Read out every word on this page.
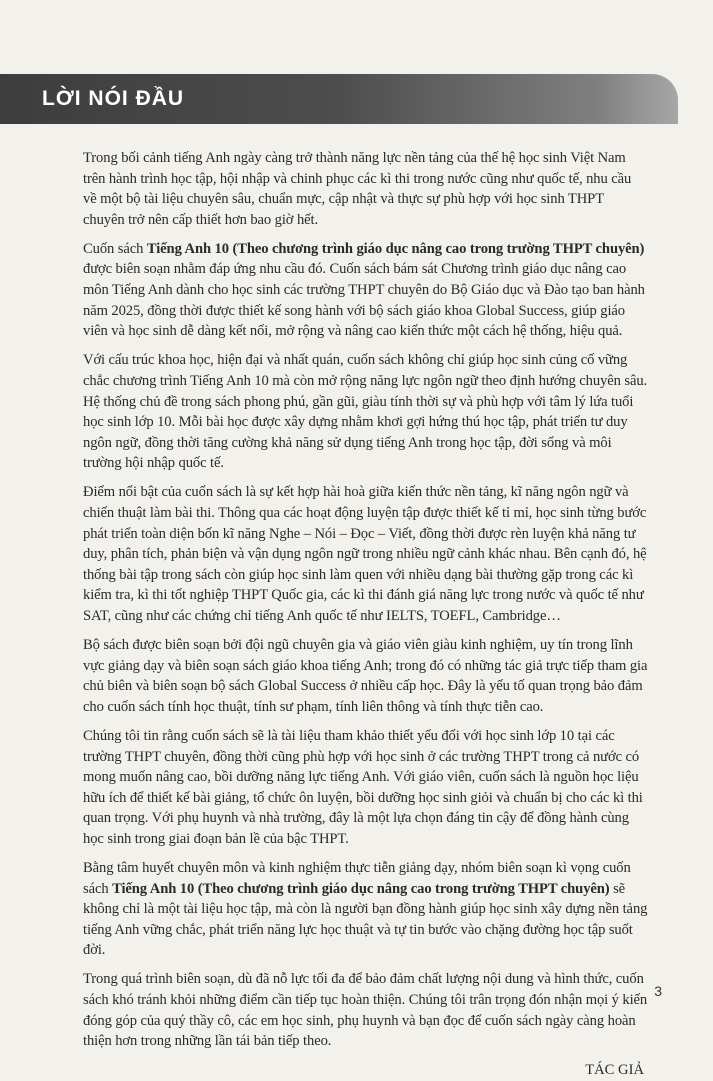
LỜI NÓI ĐẦU

Trong bối cảnh tiếng Anh ngày càng trở thành năng lực nền tảng của thế hệ học sinh Việt Nam trên hành trình học tập, hội nhập và chinh phục các kì thi trong nước cũng như quốc tế, nhu cầu về một bộ tài liệu chuyên sâu, chuẩn mực, cập nhật và thực sự phù hợp với học sinh THPT chuyên trở nên cấp thiết hơn bao giờ hết.

Cuốn sách Tiếng Anh 10 (Theo chương trình giáo dục nâng cao trong trường THPT chuyên) được biên soạn nhằm đáp ứng nhu cầu đó. Cuốn sách bám sát Chương trình giáo dục nâng cao môn Tiếng Anh dành cho học sinh các trường THPT chuyên do Bộ Giáo dục và Đào tạo ban hành năm 2025, đồng thời được thiết kế song hành với bộ sách giáo khoa Global Success, giúp giáo viên và học sinh dễ dàng kết nối, mở rộng và nâng cao kiến thức một cách hệ thống, hiệu quả.

Với cấu trúc khoa học, hiện đại và nhất quán, cuốn sách không chỉ giúp học sinh củng cố vững chắc chương trình Tiếng Anh 10 mà còn mở rộng năng lực ngôn ngữ theo định hướng chuyên sâu. Hệ thống chủ đề trong sách phong phú, gần gũi, giàu tính thời sự và phù hợp với tâm lý lứa tuổi học sinh lớp 10. Mỗi bài học được xây dựng nhằm khơi gợi hứng thú học tập, phát triển tư duy ngôn ngữ, đồng thời tăng cường khả năng sử dụng tiếng Anh trong học tập, đời sống và môi trường hội nhập quốc tế.

Điểm nổi bật của cuốn sách là sự kết hợp hài hoà giữa kiến thức nền tảng, kĩ năng ngôn ngữ và chiến thuật làm bài thi. Thông qua các hoạt động luyện tập được thiết kế tỉ mỉ, học sinh từng bước phát triển toàn diện bốn kĩ năng Nghe – Nói – Đọc – Viết, đồng thời được rèn luyện khả năng tư duy, phân tích, phản biện và vận dụng ngôn ngữ trong nhiều ngữ cảnh khác nhau. Bên cạnh đó, hệ thống bài tập trong sách còn giúp học sinh làm quen với nhiều dạng bài thường gặp trong các kì kiểm tra, kì thi tốt nghiệp THPT Quốc gia, các kì thi đánh giá năng lực trong nước và quốc tế như SAT, cũng như các chứng chỉ tiếng Anh quốc tế như IELTS, TOEFL, Cambridge…

Bộ sách được biên soạn bởi đội ngũ chuyên gia và giáo viên giàu kinh nghiệm, uy tín trong lĩnh vực giảng dạy và biên soạn sách giáo khoa tiếng Anh; trong đó có những tác giả trực tiếp tham gia chủ biên và biên soạn bộ sách Global Success ở nhiều cấp học. Đây là yếu tố quan trọng bảo đảm cho cuốn sách tính học thuật, tính sư phạm, tính liên thông và tính thực tiễn cao.

Chúng tôi tin rằng cuốn sách sẽ là tài liệu tham khảo thiết yếu đối với học sinh lớp 10 tại các trường THPT chuyên, đồng thời cũng phù hợp với học sinh ở các trường THPT trong cả nước có mong muốn nâng cao, bồi dưỡng năng lực tiếng Anh. Với giáo viên, cuốn sách là nguồn học liệu hữu ích để thiết kế bài giảng, tổ chức ôn luyện, bồi dưỡng học sinh giỏi và chuẩn bị cho các kì thi quan trọng. Với phụ huynh và nhà trường, đây là một lựa chọn đáng tin cậy để đồng hành cùng học sinh trong giai đoạn bản lề của bậc THPT.

Bằng tâm huyết chuyên môn và kinh nghiệm thực tiễn giảng dạy, nhóm biên soạn kì vọng cuốn sách Tiếng Anh 10 (Theo chương trình giáo dục nâng cao trong trường THPT chuyên) sẽ không chỉ là một tài liệu học tập, mà còn là người bạn đồng hành giúp học sinh xây dựng nền tảng tiếng Anh vững chắc, phát triển năng lực học thuật và tự tin bước vào chặng đường học tập suốt đời.

Trong quá trình biên soạn, dù đã nỗ lực tối đa để bảo đảm chất lượng nội dung và hình thức, cuốn sách khó tránh khỏi những điểm cần tiếp tục hoàn thiện. Chúng tôi trân trọng đón nhận mọi ý kiến đóng góp của quý thầy cô, các em học sinh, phụ huynh và bạn đọc để cuốn sách ngày càng hoàn thiện hơn trong những lần tái bản tiếp theo.

TÁC GIẢ
3
